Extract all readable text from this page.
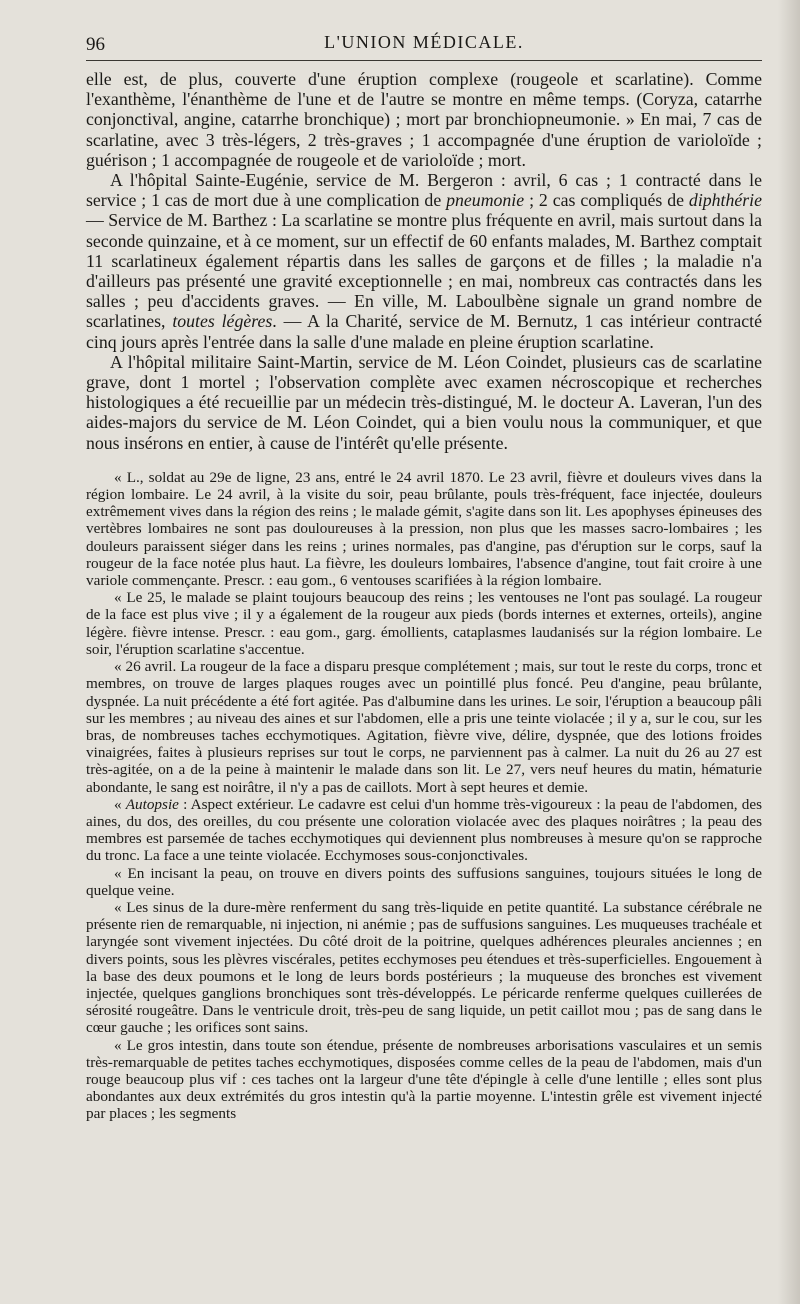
96	L'UNION MÉDICALE.

elle est, de plus, couverte d'une éruption complexe (rougeole et scarlatine). Comme l'exanthème, l'énanthème de l'une et de l'autre se montre en même temps. (Coryza, catarrhe conjonctival, angine, catarrhe bronchique) ; mort par bronchiopneumonie. » En mai, 7 cas de scarlatine, avec 3 très-légers, 2 très-graves ; 1 accompagnée d'une éruption de varioloïde ; guérison ; 1 accompagnée de rougeole et de varioloïde ; mort.

A l'hôpital Sainte-Eugénie, service de M. Bergeron : avril, 6 cas ; 1 contracté dans le service ; 1 cas de mort due à une complication de pneumonie ; 2 cas compliqués de diphthérie — Service de M. Barthez : La scarlatine se montre plus fréquente en avril, mais surtout dans la seconde quinzaine, et à ce moment, sur un effectif de 60 enfants malades, M. Barthez comptait 11 scarlatineux également répartis dans les salles de garçons et de filles ; la maladie n'a d'ailleurs pas présenté une gravité exceptionnelle ; en mai, nombreux cas contractés dans les salles ; peu d'accidents graves. — En ville, M. Laboulbène signale un grand nombre de scarlatines, toutes légères. — A la Charité, service de M. Bernutz, 1 cas intérieur contracté cinq jours après l'entrée dans la salle d'une malade en pleine éruption scarlatine.

A l'hôpital militaire Saint-Martin, service de M. Léon Coindet, plusieurs cas de scarlatine grave, dont 1 mortel ; l'observation complète avec examen nécroscopique et recherches histologiques a été recueillie par un médecin très-distingué, M. le docteur A. Laveran, l'un des aides-majors du service de M. Léon Coindet, qui a bien voulu nous la communiquer, et que nous insérons en entier, à cause de l'intérêt qu'elle présente.

« L., soldat au 29e de ligne, 23 ans, entré le 24 avril 1870. Le 23 avril, fièvre et douleurs vives dans la région lombaire. Le 24 avril, à la visite du soir, peau brûlante, pouls très-fréquent, face injectée, douleurs extrêmement vives dans la région des reins ; le malade gémit, s'agite dans son lit. Les apophyses épineuses des vertèbres lombaires ne sont pas douloureuses à la pression, non plus que les masses sacro-lombaires ; les douleurs paraissent siéger dans les reins ; urines normales, pas d'angine, pas d'éruption sur le corps, sauf la rougeur de la face notée plus haut. La fièvre, les douleurs lombaires, l'absence d'angine, tout fait croire à une variole commençante. Prescr. : eau gom., 6 ventouses scarifiées à la région lombaire.

« Le 25, le malade se plaint toujours beaucoup des reins ; les ventouses ne l'ont pas soulagé. La rougeur de la face est plus vive ; il y a également de la rougeur aux pieds (bords internes et externes, orteils), angine légère. fièvre intense. Prescr. : eau gom., garg. émollients, cataplasmes laudanisés sur la région lombaire. Le soir, l'éruption scarlatine s'accentue.

« 26 avril. La rougeur de la face a disparu presque complétement ; mais, sur tout le reste du corps, tronc et membres, on trouve de larges plaques rouges avec un pointillé plus foncé. Peu d'angine, peau brûlante, dyspnée. La nuit précédente a été fort agitée. Pas d'albumine dans les urines. Le soir, l'éruption a beaucoup pâli sur les membres ; au niveau des aines et sur l'abdomen, elle a pris une teinte violacée ; il y a, sur le cou, sur les bras, de nombreuses taches ecchymotiques. Agitation, fièvre vive, délire, dyspnée, que des lotions froides vinaigrées, faites à plusieurs reprises sur tout le corps, ne parviennent pas à calmer. La nuit du 26 au 27 est très-agitée, on a de la peine à maintenir le malade dans son lit. Le 27, vers neuf heures du matin, hématurie abondante, le sang est noirâtre, il n'y a pas de caillots. Mort à sept heures et demie.

« Autopsie : Aspect extérieur. Le cadavre est celui d'un homme très-vigoureux : la peau de l'abdomen, des aines, du dos, des oreilles, du cou présente une coloration violacée avec des plaques noirâtres ; la peau des membres est parsemée de taches ecchymotiques qui deviennent plus nombreuses à mesure qu'on se rapproche du tronc. La face a une teinte violacée. Ecchymoses sous-conjonctivales.

« En incisant la peau, on trouve en divers points des suffusions sanguines, toujours situées le long de quelque veine.

« Les sinus de la dure-mère renferment du sang très-liquide en petite quantité. La substance cérébrale ne présente rien de remarquable, ni injection, ni anémie ; pas de suffusions sanguines. Les muqueuses trachéale et laryngée sont vivement injectées. Du côté droit de la poitrine, quelques adhérences pleurales anciennes ; en divers points, sous les plèvres viscérales, petites ecchymoses peu étendues et très-superficielles. Engouement à la base des deux poumons et le long de leurs bords postérieurs ; la muqueuse des bronches est vivement injectée, quelques ganglions bronchiques sont très-développés. Le péricarde renferme quelques cuillerées de sérosité rougeâtre. Dans le ventricule droit, très-peu de sang liquide, un petit caillot mou ; pas de sang dans le cœur gauche ; les orifices sont sains.

« Le gros intestin, dans toute son étendue, présente de nombreuses arborisations vasculaires et un semis très-remarquable de petites taches ecchymotiques, disposées comme celles de la peau de l'abdomen, mais d'un rouge beaucoup plus vif : ces taches ont la largeur d'une tête d'épingle à celle d'une lentille ; elles sont plus abondantes aux deux extrémités du gros intestin qu'à la partie moyenne. L'intestin grêle est vivement injecté par places ; les segments
